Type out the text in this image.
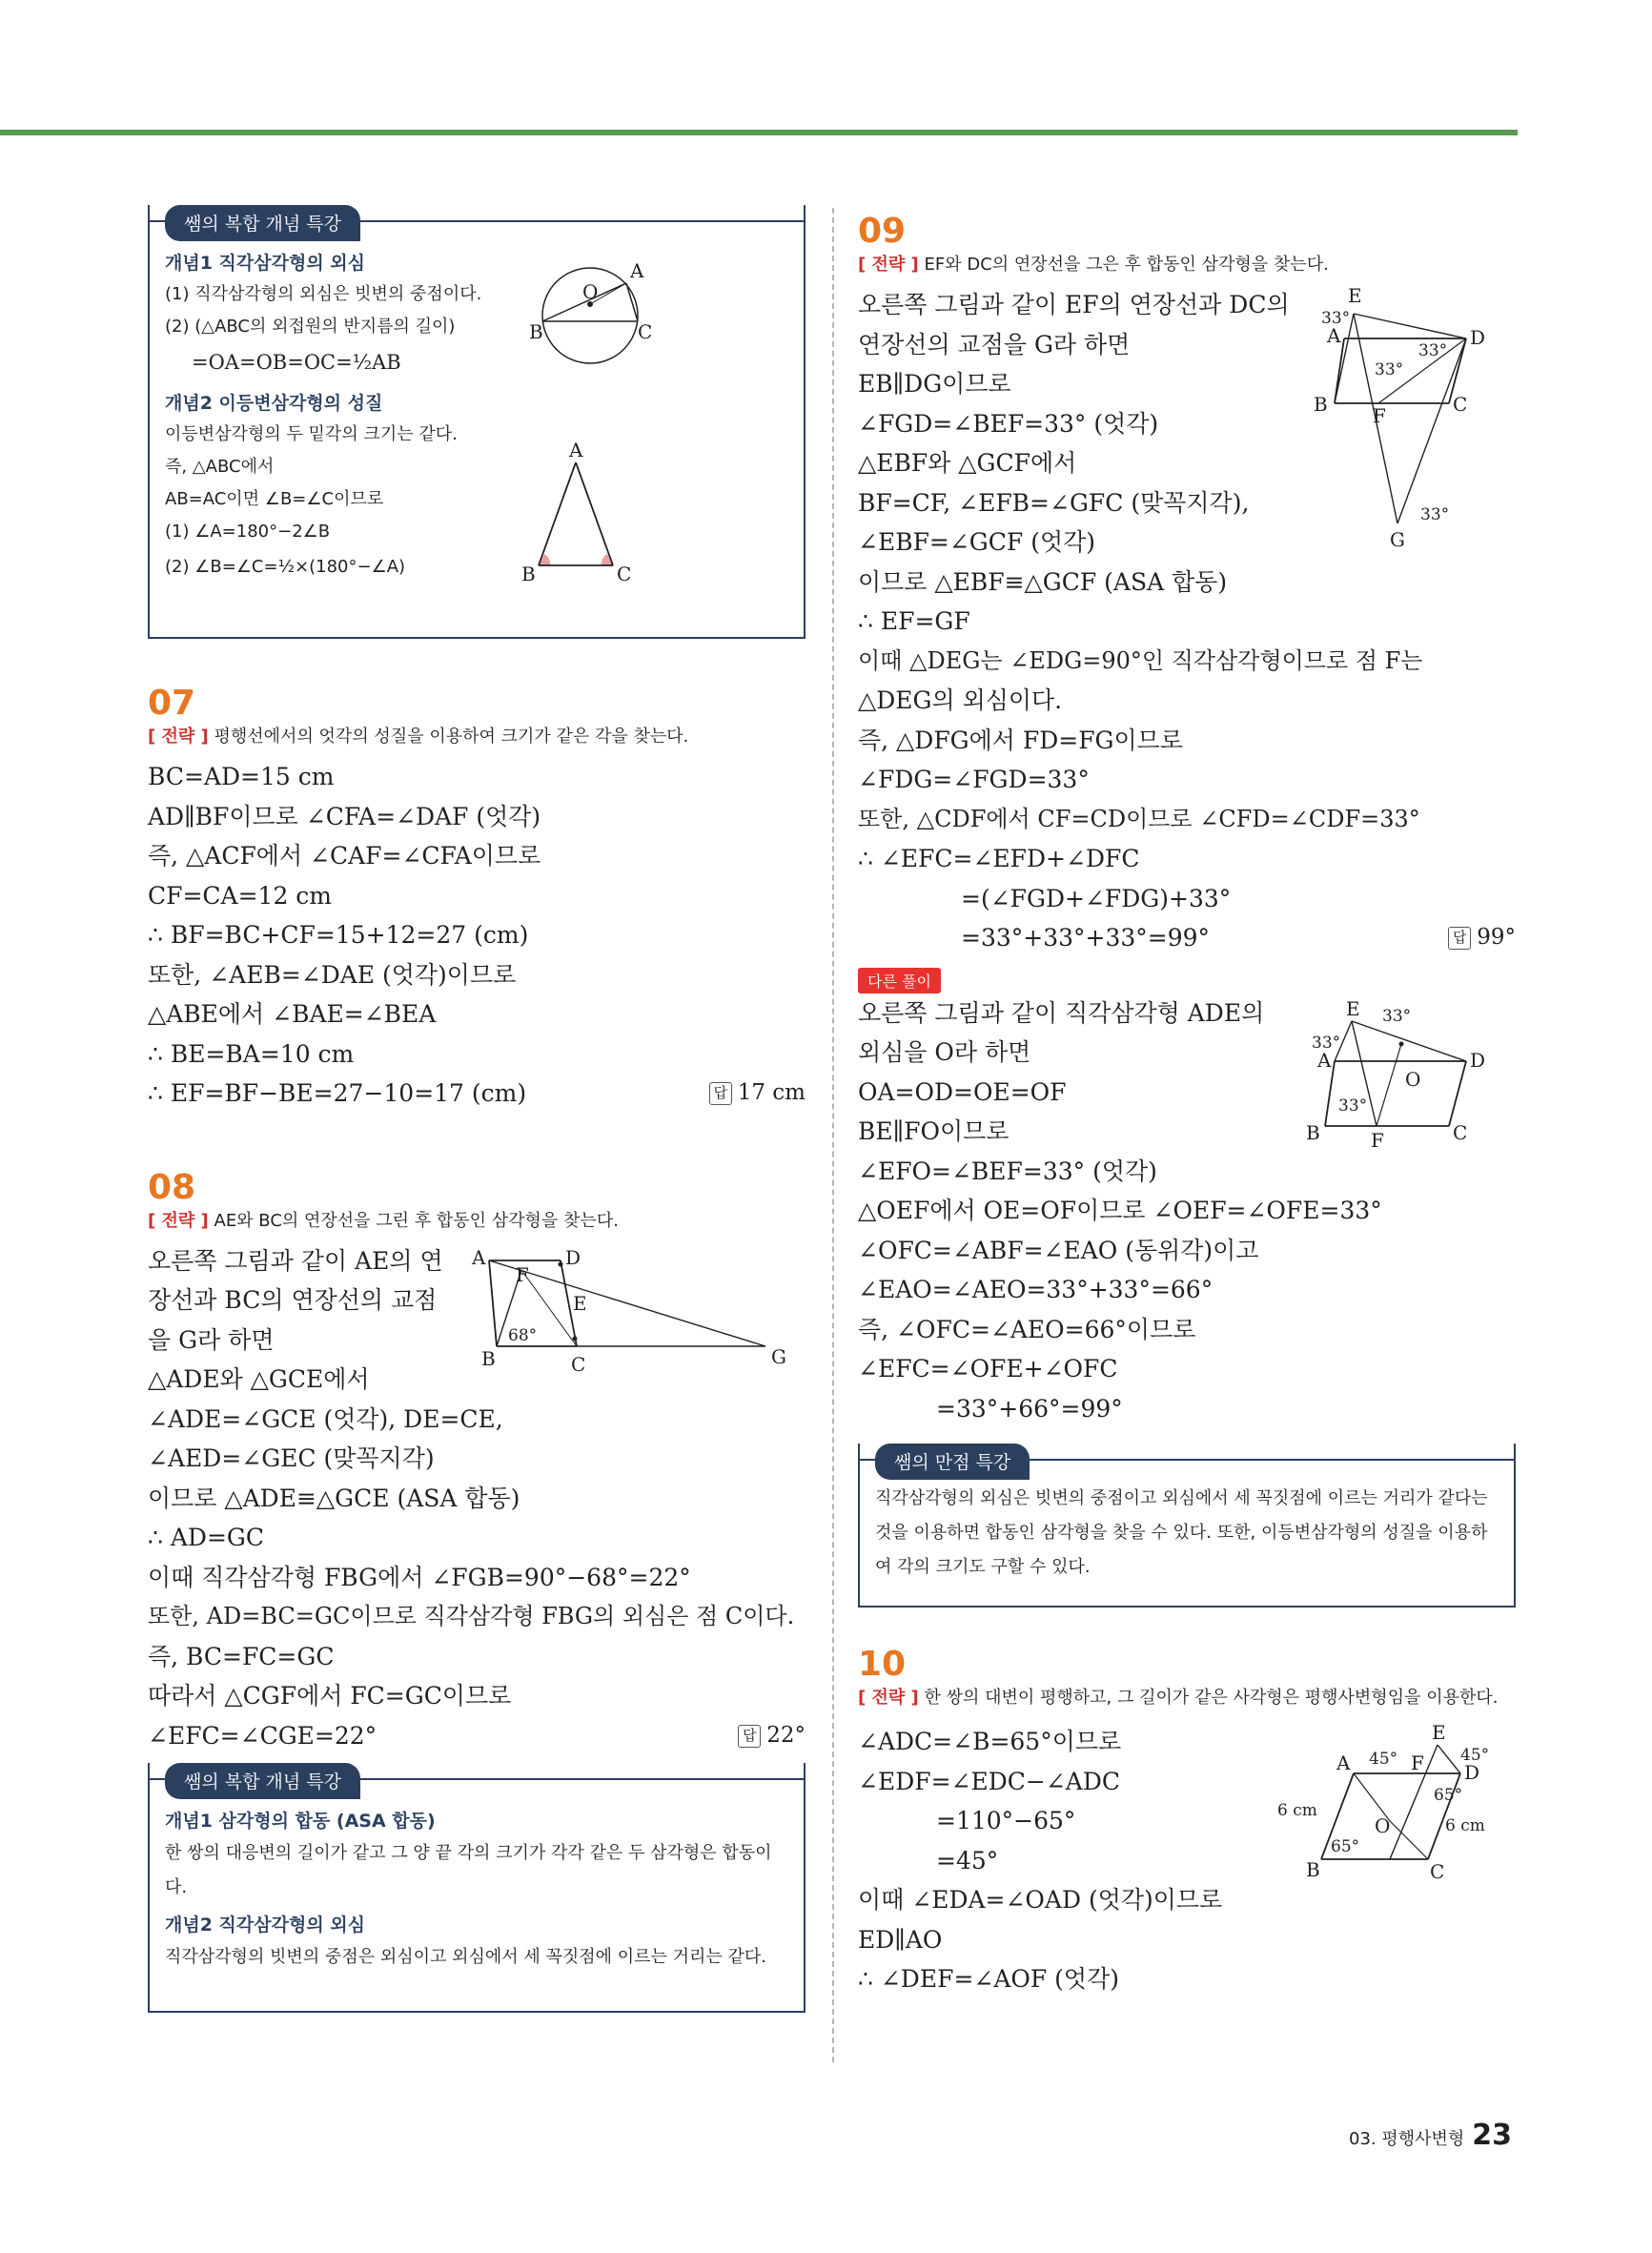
쌤의 복합 개념 특강
개념1 직각삼각형의 외심
(1) 직각삼각형의 외심은 빗변의 중점이다.
(2) (△ABC의 외접원의 반지름의 길이)
=OA=OB=OC=½AB
개념2 이등변삼각형의 성질
이등변삼각형의 두 밑각의 크기는 같다.
즉, △ABC에서
AB=AC이면 ∠B=∠C이므로
(1) ∠A=180°−2∠B
(2) ∠B=∠C=½×(180°−∠A)
O
A
B	C
A
B	C
07
[ 전략 ] 평행선에서의 엇각의 성질을 이용하여 크기가 같은 각을 찾는다.
BC=AD=15 cm
AD∥BF이므로 ∠CFA=∠DAF (엇각)
즉, △ACF에서 ∠CAF=∠CFA이므로
CF=CA=12 cm
∴ BF=BC+CF=15+12=27 (cm)
또한, ∠AEB=∠DAE (엇각)이므로
△ABE에서 ∠BAE=∠BEA
∴ BE=BA=10 cm
∴ EF=BF−BE=27−10=17 (cm)	답 17 cm
08
[ 전략 ] AE와 BC의 연장선을 그린 후 합동인 삼각형을 찾는다.
오른쪽 그림과 같이 AE의 연
장선과 BC의 연장선의 교점
을 G라 하면
△ADE와 △GCE에서
∠ADE=∠GCE (엇각), DE=CE,
∠AED=∠GEC (맞꼭지각)
이므로 △ADE≡△GCE (ASA 합동)
∴ AD=GC
이때 직각삼각형 FBG에서 ∠FGB=90°−68°=22°
또한, AD=BC=GC이므로 직각삼각형 FBG의 외심은 점 C이다.
즉, BC=FC=GC
따라서 △CGF에서 FC=GC이므로
∠EFC=∠CGE=22°	답 22°
68°
A	D
F
E
B	C	G
쌤의 복합 개념 특강
개념1 삼각형의 합동 (ASA 합동)
한 쌍의 대응변의 길이가 같고 그 양 끝 각의 크기가 각각 같은 두 삼각형은 합동이다.
개념2 직각삼각형의 외심
직각삼각형의 빗변의 중점은 외심이고 외심에서 세 꼭짓점에 이르는 거리는 같다.
09
[ 전략 ] EF와 DC의 연장선을 그은 후 합동인 삼각형을 찾는다.
오른쪽 그림과 같이 EF의 연장선과 DC의
연장선의 교점을 G라 하면
EB∥DG이므로
∠FGD=∠BEF=33° (엇각)
△EBF와 △GCF에서
BF=CF, ∠EFB=∠GFC (맞꼭지각),
∠EBF=∠GCF (엇각)
이므로 △EBF≡△GCF (ASA 합동)
∴ EF=GF
이때 △DEG는 ∠EDG=90°인 직각삼각형이므로 점 F는
△DEG의 외심이다.
즉, △DFG에서 FD=FG이므로
∠FDG=∠FGD=33°
또한, △CDF에서 CF=CD이므로 ∠CFD=∠CDF=33°
∴ ∠EFC=∠EFD+∠DFC
=(∠FGD+∠FDG)+33°
=33°+33°+33°=99°	답 99°
다른 풀이
오른쪽 그림과 같이 직각삼각형 ADE의
외심을 O라 하면
OA=OD=OE=OF
BE∥FO이므로
∠EFO=∠BEF=33° (엇각)
△OEF에서 OE=OF이므로 ∠OEF=∠OFE=33°
∠OFC=∠ABF=∠EAO (동위각)이고
∠EAO=∠AEO=33°+33°=66°
즉, ∠OFC=∠AEO=66°이므로
∠EFC=∠OFE+∠OFC
=33°+66°=99°
E
A	D
B F	C
G
33°
33°
33°
33°
E
A	D
O
B	F	C
33°
33°
33°
쌤의 만점 특강
직각삼각형의 외심은 빗변의 중점이고 외심에서 세 꼭짓점에 이르는 거리가 같다는 것을 이용하면 합동인 삼각형을 찾을 수 있다. 또한, 이등변삼각형의 성질을 이용하여 각의 크기도 구할 수 있다.
10
[ 전략 ] 한 쌍의 대변이 평행하고, 그 길이가 같은 사각형은 평행사변형임을 이용한다.
∠ADC=∠B=65°이므로
∠EDF=∠EDC−∠ADC
=110°−65°
=45°
이때 ∠EDA=∠OAD (엇각)이므로
ED∥AO
∴ ∠DEF=∠AOF (엇각)
E
A	F D
O
B	C
45°	45°
65°
65°
6 cm
6 cm
03. 평행사변형 23
